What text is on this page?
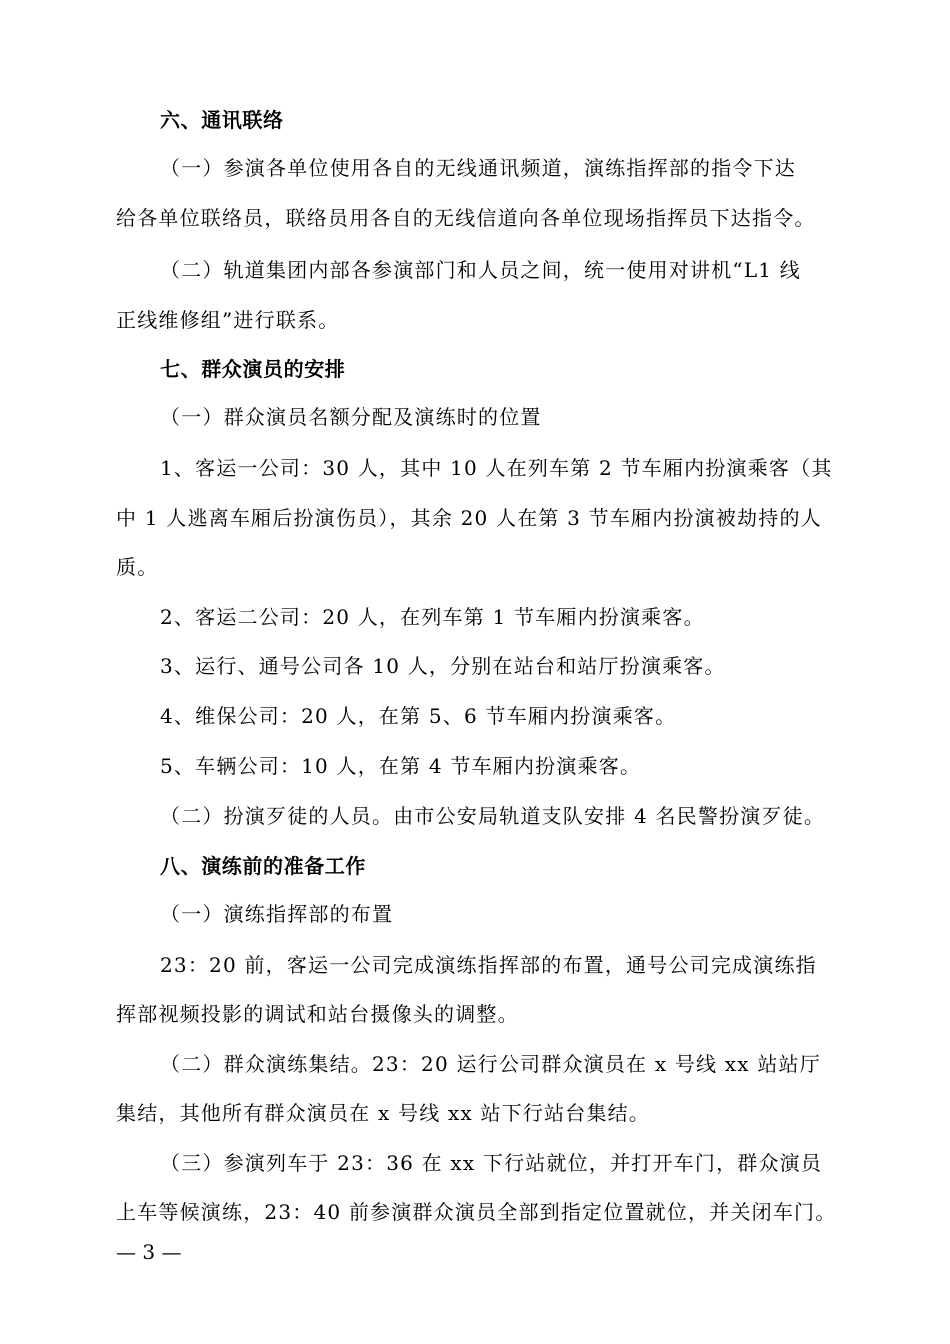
六、通讯联络
（一）参演各单位使用各自的无线通讯频道，演练指挥部的指令下达
给各单位联络员，联络员用各自的无线信道向各单位现场指挥员下达指令。
（二）轨道集团内部各参演部门和人员之间，统一使用对讲机“L1 线
正线维修组”进行联系。
七、群众演员的安排
（一）群众演员名额分配及演练时的位置
1、客运一公司：30 人，其中 10 人在列车第 2 节车厢内扮演乘客（其
中 1 人逃离车厢后扮演伤员），其余 20 人在第 3 节车厢内扮演被劫持的人
质。
2、客运二公司：20 人，在列车第 1 节车厢内扮演乘客。
3、运行、通号公司各 10 人，分别在站台和站厅扮演乘客。
4、维保公司：20 人，在第 5、6 节车厢内扮演乘客。
5、车辆公司：10 人，在第 4 节车厢内扮演乘客。
（二）扮演歹徒的人员。由市公安局轨道支队安排 4 名民警扮演歹徒。
八、演练前的准备工作
（一）演练指挥部的布置
23：20 前，客运一公司完成演练指挥部的布置，通号公司完成演练指
挥部视频投影的调试和站台摄像头的调整。
（二）群众演练集结。23：20 运行公司群众演员在 x 号线 xx 站站厅
集结，其他所有群众演员在 x 号线 xx 站下行站台集结。
（三）参演列车于 23：36 在 xx 下行站就位，并打开车门，群众演员
上车等候演练，23：40 前参演群众演员全部到指定位置就位，并关闭车门。
— 3 —
